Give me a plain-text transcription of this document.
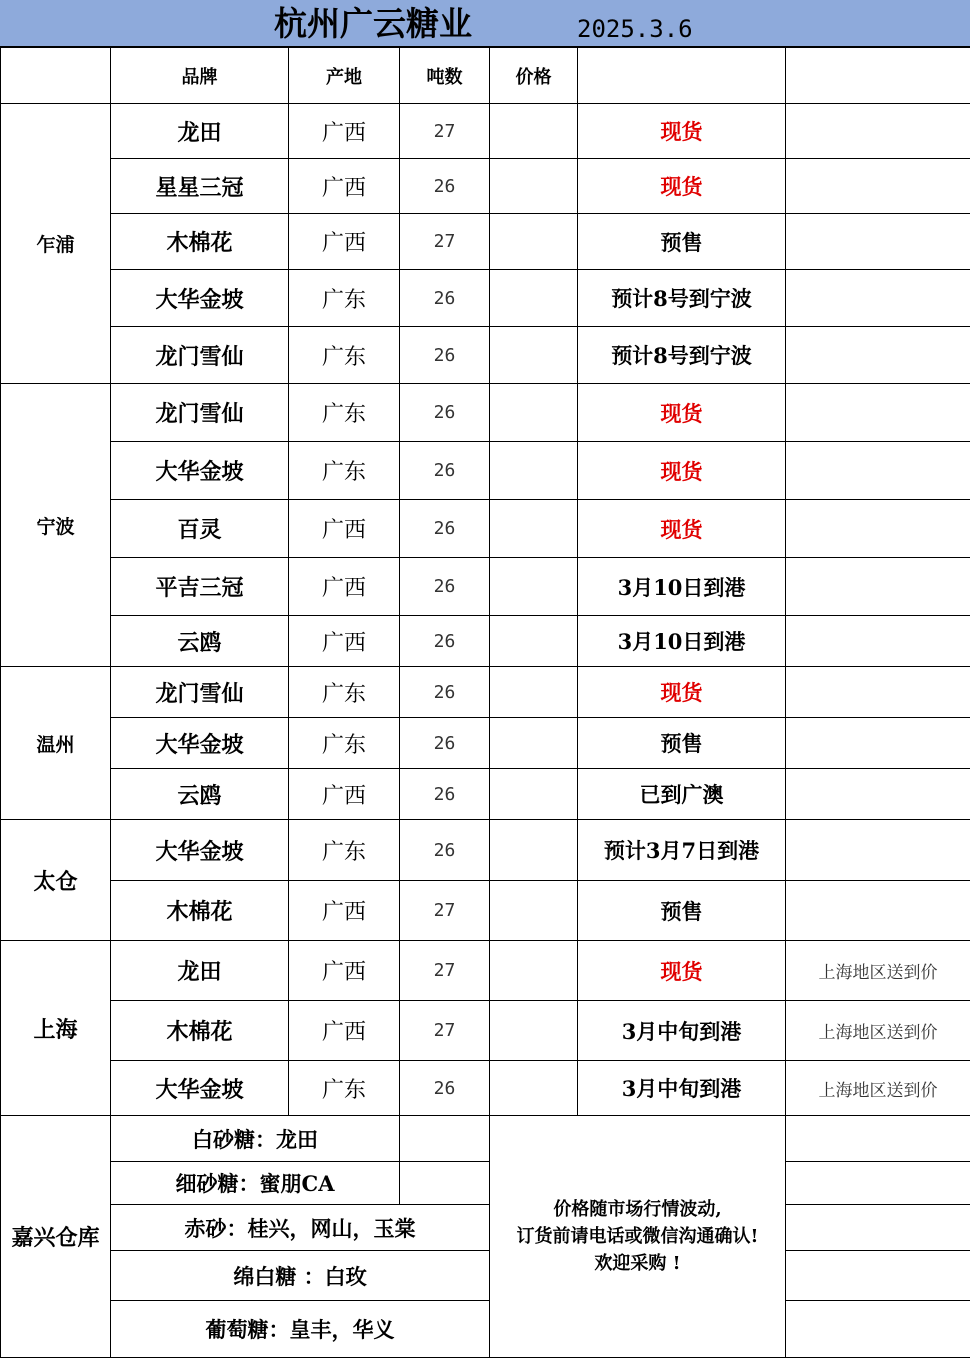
杭州广云糖业	2025.3.6
	品牌	产地	吨数	价格		
乍浦	龙田	广西	27		现货	
	星星三冠	广西	26		现货	
	木棉花	广西	27		预售	
	大华金坡	广东	26		预计8号到宁波	
	龙门雪仙	广东	26		预计8号到宁波	
宁波	龙门雪仙	广东	26		现货	
	大华金坡	广东	26		现货	
	百灵	广西	26		现货	
	平吉三冠	广西	26		3月10日到港	
	云鸥	广西	26		3月10日到港	
温州	龙门雪仙	广东	26		现货	
	大华金坡	广东	26		预售	
	云鸥	广西	26		已到广澳	
太仓	大华金坡	广东	26		预计3月7日到港	
	木棉花	广西	27		预售	
上海	龙田	广西	27		现货	上海地区送到价
	木棉花	广西	27		3月中旬到港	上海地区送到价
	大华金坡	广东	26		3月中旬到港	上海地区送到价
嘉兴仓库	白砂糖：龙田			价格随市场行情波动,
订货前请电话或微信沟通确认!
欢迎采购 !		

	细砂糖：蜜朋CA					
	赤砂：桂兴，网山，玉棠					
	绵白糖 ：白玫					
	葡萄糖：皇丰，华义					
